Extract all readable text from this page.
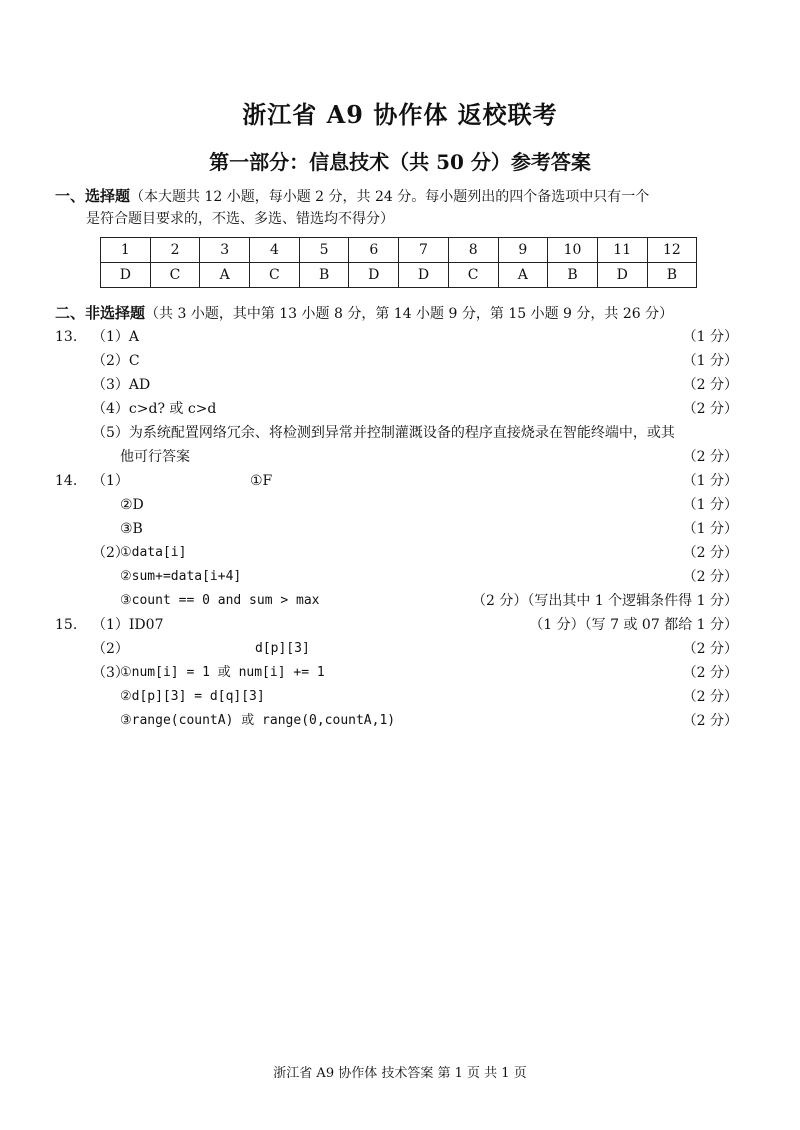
浙江省 A9 协作体 返校联考
第一部分：信息技术（共 50 分）参考答案
一、选择题（本大题共 12 小题，每小题 2 分，共 24 分。每小题列出的四个备选项中只有一个
是符合题目要求的，不选、多选、错选均不得分）
1	2	3	4	5	6	7	8	9	10	11	12
D	C	A	C	B	D	D	C	A	B	D	B
二、非选择题（共 3 小题，其中第 13 小题 8 分，第 14 小题 9 分，第 15 小题 9 分，共 26 分）
13. （1）A	（1 分）
（2）C	（1 分）
（3）AD	（2 分）
（4）c>d? 或 c>d	（2 分）
（5）为系统配置网络冗余、将检测到异常并控制灌溉设备的程序直接烧录在智能终端中，或其
他可行答案	（2 分）
14. （1）	①F	（1 分）
②D	（1 分）
③B	（1 分）
（2）
①data[i]	（2 分）
②sum+=data[i+4]	（2 分）
③count == 0 and sum > max	（2 分）（写出其中 1 个逻辑条件得 1 分）
15. （1）ID07	（1 分）（写 7 或 07 都给 1 分）
（2）	d[p][3]	（2 分）
（3）
①num[i] = 1 或 num[i] += 1	（2 分）
②d[p][3] = d[q][3]	（2 分）
③range(countA) 或 range(0,countA,1)	（2 分）
浙江省 A9 协作体 技术答案 第 1 页 共 1 页
